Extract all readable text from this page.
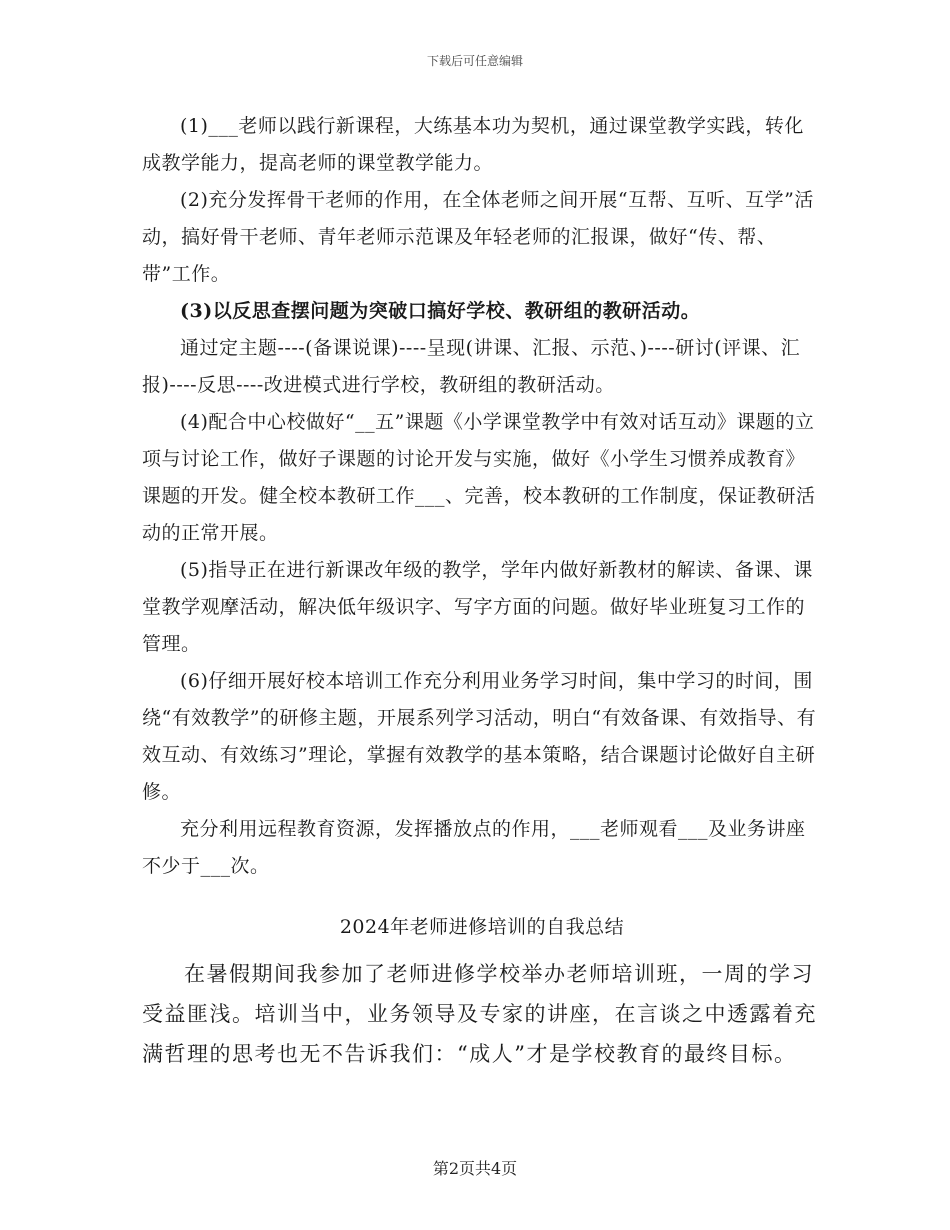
下载后可任意编辑

(1)___老师以践行新课程，大练基本功为契机，通过课堂教学实践，转化成教学能力，提高老师的课堂教学能力。

(2)充分发挥骨干老师的作用，在全体老师之间开展“互帮、互听、互学”活动，搞好骨干老师、青年老师示范课及年轻老师的汇报课，做好“传、帮、带”工作。

(3)以反思查摆问题为突破口搞好学校、教研组的教研活动。

通过定主题----(备课说课)----呈现(讲课、汇报、示范、)----研讨(评课、汇报)----反思----改进模式进行学校，教研组的教研活动。

(4)配合中心校做好“__五”课题《小学课堂教学中有效对话互动》课题的立项与讨论工作，做好子课题的讨论开发与实施，做好《小学生习惯养成教育》课题的开发。健全校本教研工作___、完善，校本教研的工作制度，保证教研活动的正常开展。

(5)指导正在进行新课改年级的教学，学年内做好新教材的解读、备课、课堂教学观摩活动，解决低年级识字、写字方面的问题。做好毕业班复习工作的管理。

(6)仔细开展好校本培训工作充分利用业务学习时间，集中学习的时间，围绕“有效教学”的研修主题，开展系列学习活动，明白“有效备课、有效指导、有效互动、有效练习”理论，掌握有效教学的基本策略，结合课题讨论做好自主研修。

充分利用远程教育资源，发挥播放点的作用，___老师观看___及业务讲座不少于___次。

2024年老师进修培训的自我总结

在暑假期间我参加了老师进修学校举办老师培训班，一周的学习受益匪浅。培训当中，业务领导及专家的讲座，在言谈之中透露着充满哲理的思考也无不告诉我们：“成人”才是学校教育的最终目标。

第2页共4页
